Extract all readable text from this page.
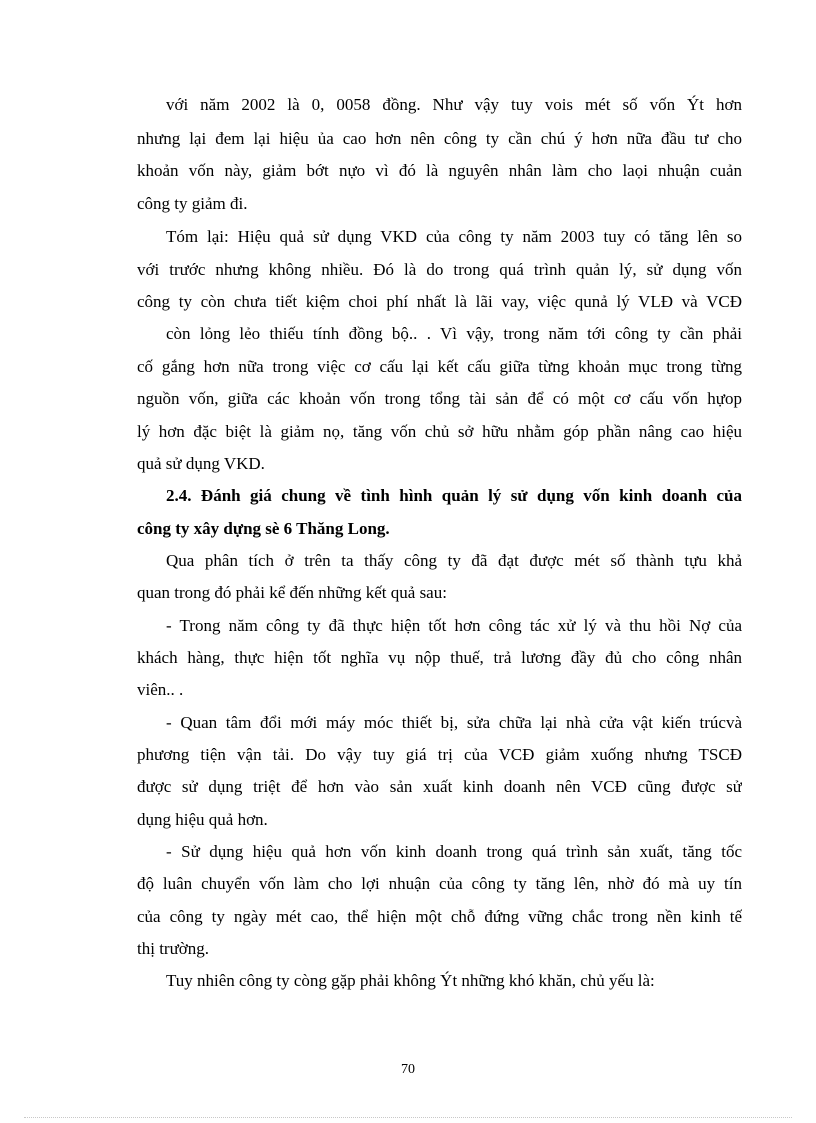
với năm 2002 là 0, 0058 đồng. Như vậy tuy vois mét số vốn Ýt hơn
nhưng lại đem lại hiệu ủa cao hơn nên công ty cần chú ý hơn nữa đầu tư cho
khoản vốn này, giảm bớt nựo vì đó là nguyên nhân làm cho laọi nhuận cuản
công ty giảm đi.
Tóm lại: Hiệu quả sử dụng VKD của công ty năm 2003 tuy có tăng lên so
với trước nhưng không nhiều. Đó là do trong quá trình quản lý, sử dụng vốn
công ty còn chưa tiết kiệm choi phí nhất là lãi vay, việc qunả lý VLĐ và VCĐ
còn lỏng lẻo thiếu tính đồng bộ.. . Vì vậy, trong năm tới công ty cần phải
cố gắng hơn nữa trong việc cơ cấu lại kết cấu giữa từng khoản mục trong từng
nguồn vốn, giữa các khoản vốn trong tổng tài sản để có một cơ cấu vốn hựop
lý hơn đặc biệt là giảm nọ, tăng vốn chủ sở hữu nhằm góp phần nâng cao hiệu
quả sử dụng VKD.
2.4. Đánh giá chung về tình hình quản lý sử dụng vốn kinh doanh của
công ty xây dựng sè 6 Thăng Long.
Qua phân tích ở trên ta thấy công ty đã đạt được mét số thành tựu khả
quan trong đó phải kể đến những kết quả sau:
- Trong năm công ty đã thực hiện tốt hơn công tác xử lý và thu hồi Nợ của
khách hàng, thực hiện tốt nghĩa vụ nộp thuế, trả lương đầy đủ cho công nhân
viên.. .
- Quan tâm đổi mới máy móc thiết bị, sửa chữa lại nhà cửa vật kiến trúcvà
phương tiện vận tải. Do vậy tuy giá trị của VCĐ giảm xuống nhưng TSCĐ
được sử dụng triệt để hơn vào sản xuất kinh doanh nên VCĐ cũng được sử
dụng hiệu quả hơn.
- Sử dụng hiệu quả hơn vốn kinh doanh trong quá trình sản xuất, tăng tốc
độ luân chuyển vốn làm cho lợi nhuận của công ty tăng lên, nhờ đó mà uy tín
của công ty ngày mét cao, thể hiện một chỗ đứng vững chắc trong nền kinh tế
thị trường.
Tuy nhiên công ty còng gặp phải không Ýt những khó khăn, chủ yếu là:
70
